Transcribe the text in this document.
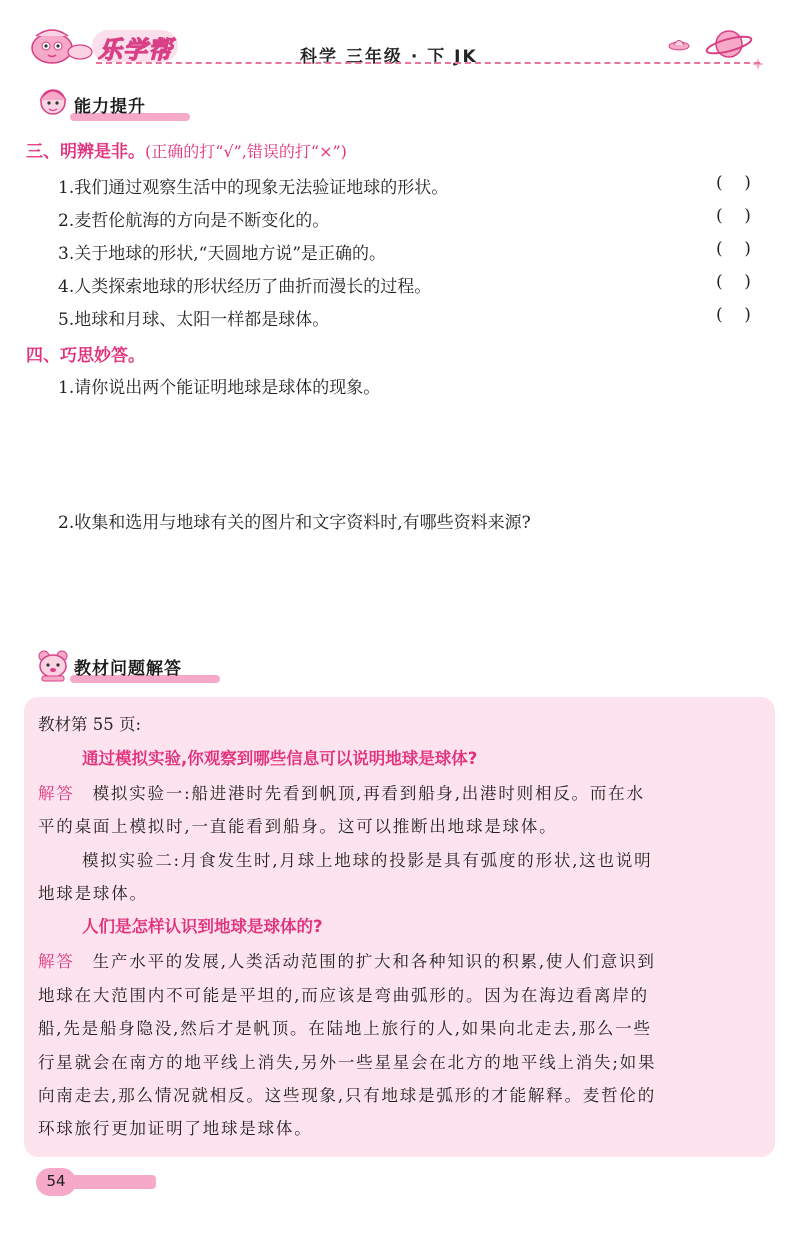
乐学帮	科学 三年级 · 下 JK
能力提升
三、明辨是非。(正确的打“√”,错误的打“×”)
1.我们通过观察生活中的现象无法验证地球的形状。	(    )
2.麦哲伦航海的方向是不断变化的。	(    )
3.关于地球的形状,“天圆地方说”是正确的。	(    )
4.人类探索地球的形状经历了曲折而漫长的过程。	(    )
5.地球和月球、太阳一样都是球体。	(    )
四、巧思妙答。
1.请你说出两个能证明地球是球体的现象。
2.收集和选用与地球有关的图片和文字资料时,有哪些资料来源?
教材问题解答
教材第 55 页:
通过模拟实验,你观察到哪些信息可以说明地球是球体?
解答 模拟实验一:船进港时先看到帆顶,再看到船身,出港时则相反。而在水
平的桌面上模拟时,一直能看到船身。这可以推断出地球是球体。
模拟实验二:月食发生时,月球上地球的投影是具有弧度的形状,这也说明
地球是球体。
人们是怎样认识到地球是球体的?
解答 生产水平的发展,人类活动范围的扩大和各种知识的积累,使人们意识到
地球在大范围内不可能是平坦的,而应该是弯曲弧形的。因为在海边看离岸的
船,先是船身隐没,然后才是帆顶。在陆地上旅行的人,如果向北走去,那么一些
行星就会在南方的地平线上消失,另外一些星星会在北方的地平线上消失;如果
向南走去,那么情况就相反。这些现象,只有地球是弧形的才能解释。麦哲伦的
环球旅行更加证明了地球是球体。
54
